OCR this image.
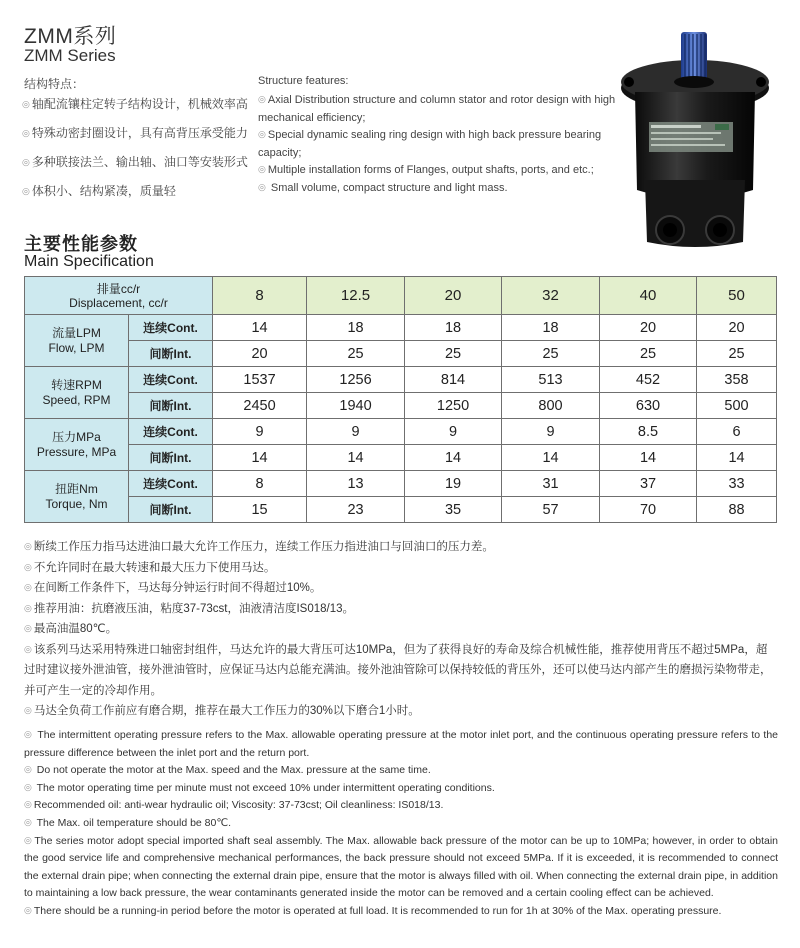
ZMM系列
ZMM Series
结构特点：
◎ 轴配流镶柱定转子结构设计，机械效率高
◎ 特殊动密封圈设计，具有高背压承受能力
◎ 多种联接法兰、输出轴、油口等安装形式
◎ 体积小、结构紧凑，质量轻
Structure features:
◎ Axial Distribution structure and column stator and rotor design with high mechanical efficiency;
◎ Special dynamic sealing ring design with high back pressure bearing capacity;
◎ Multiple installation forms of Flanges, output shafts, ports, and etc.;
◎ Small volume, compact structure and light mass.
主要性能参数
Main Specification
排量cc/r
Displacement, cc/r		8	12.5	20	32	40	50

流量LPM
Flow, LPM	连续Cont.	14	18	18	18	20	20
	间断Int.	20	25	25	25	25	25

转速RPM
Speed, RPM	连续Cont.	1537	1256	814	513	452	358
	间断Int.	2450	1940	1250	800	630	500

压力MPa
Pressure, MPa	连续Cont.	9	9	9	9	8.5	6
	间断Int.	14	14	14	14	14	14

扭距Nm
Torque, Nm	连续Cont.	8	13	19	31	37	33
	间断Int.	15	23	35	57	70	88
◎ 断续工作压力指马达进油口最大允许工作压力，连续工作压力指进油口与回油口的压力差。
◎ 不允许同时在最大转速和最大压力下使用马达。
◎ 在间断工作条件下，马达每分钟运行时间不得超过10%。
◎ 推荐用油：抗磨液压油，粘度37-73cst，油液清洁度IS018/13。
◎ 最高油温80℃。
◎ 该系列马达采用特殊进口轴密封组件，马达允许的最大背压可达10MPa，但为了获得良好的寿命及综合机械性能，推荐使用背压不超过5MPa，超过时建议接外泄油管，接外泄油管时，应保证马达内总能充满油。接外池油管除可以保持较低的背压外，还可以使马达内部产生的磨损污染物带走，并可产生一定的冷却作用。
◎ 马达全负荷工作前应有磨合期，推荐在最大工作压力的30%以下磨合1小时。
◎ The intermittent operating pressure refers to the Max. allowable operating pressure at the motor inlet port, and the continuous operating pressure refers to the pressure difference between the inlet port and the return port.
◎ Do not operate the motor at the Max. speed and the Max. pressure at the same time.
◎ The motor operating time per minute must not exceed 10% under intermittent operating conditions.
◎ Recommended oil: anti-wear hydraulic oil; Viscosity: 37-73cst; Oil cleanliness: IS018/13.
◎ The Max. oil temperature should be 80℃.
◎ The series motor adopt special imported shaft seal assembly. The Max. allowable back pressure of the motor can be up to 10MPa; however, in order to obtain the good service life and comprehensive mechanical performances, the back pressure should not exceed 5MPa. If it is exceeded, it is recommended to connect the external drain pipe; when connecting the external drain pipe, ensure that the motor is always filled with oil. When connecting the external drain pipe, in addition to maintaining a low back pressure, the wear contaminants generated inside the motor can be removed and a certain cooling effect can be achieved.
◎ There should be a running-in period before the motor is operated at full load. It is recommended to run for 1h at 30% of the Max. operating pressure.
